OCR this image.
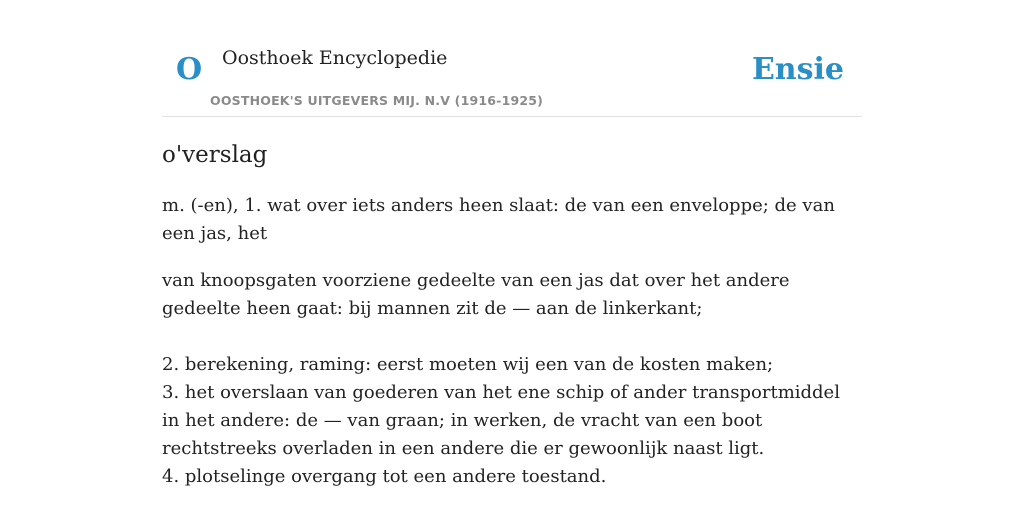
O Oosthoek Encyclopedie
OOSTHOEK'S UITGEVERS MIJ. N.V (1916-1925)
Ensie
o'verslag

m. (-en), 1. wat over iets anders heen slaat: de van een enveloppe; de van een jas, het

van knoopsgaten voorziene gedeelte van een jas dat over het andere gedeelte heen gaat: bij mannen zit de — aan de linkerkant;

2. berekening, raming: eerst moeten wij een van de kosten maken;

3. het overslaan van goederen van het ene schip of ander transportmiddel in het andere: de — van graan; in werken, de vracht van een boot rechtstreeks overladen in een andere die er gewoonlijk naast ligt.

4. plotselinge overgang tot een andere toestand.
